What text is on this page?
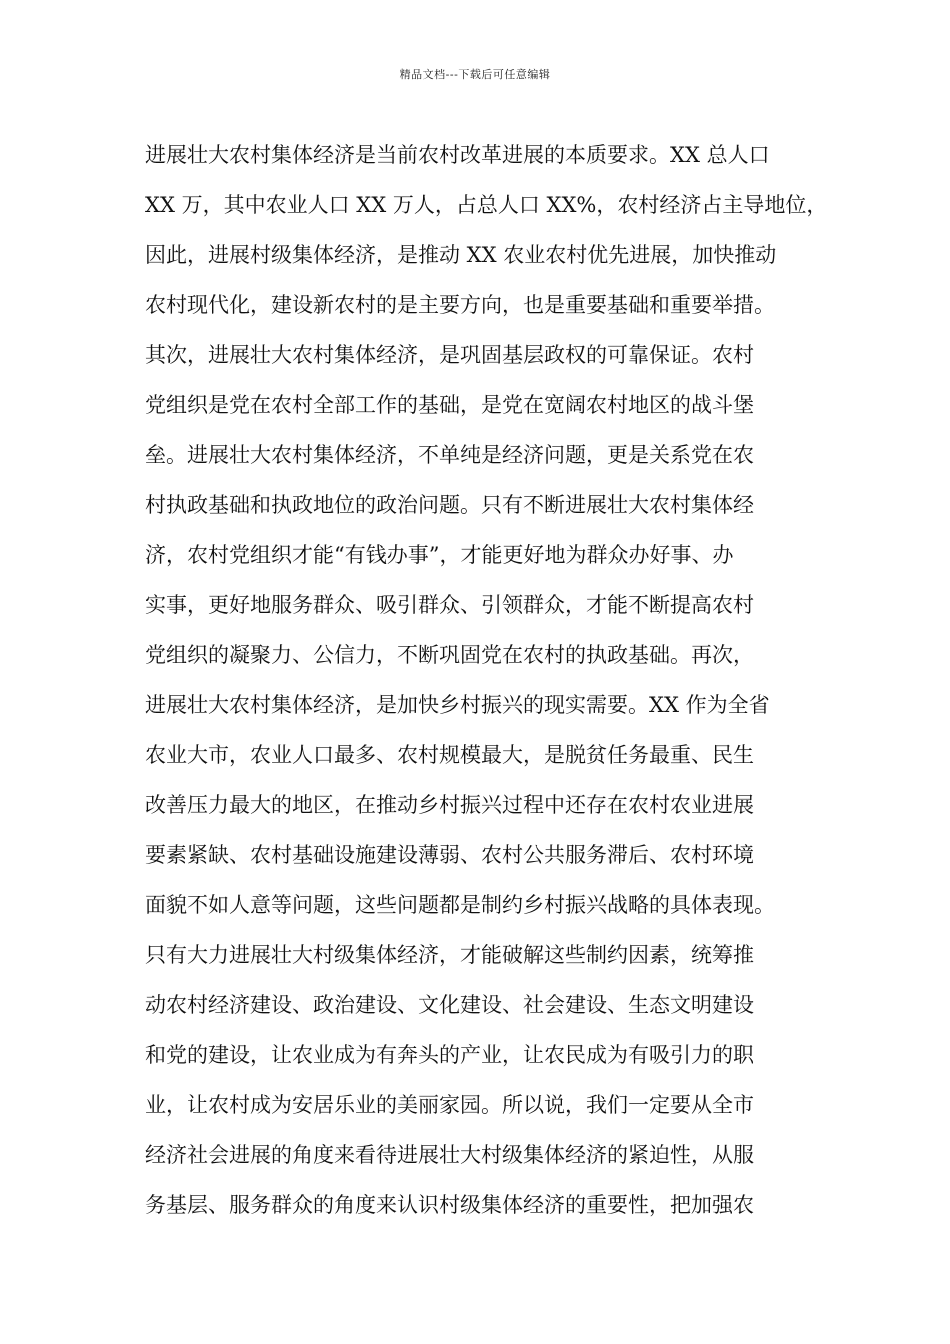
精品文档---下载后可任意编辑
进展壮大农村集体经济是当前农村改革进展的本质要求。XX 总人口
XX 万，其中农业人口 XX 万人，占总人口 XX%，农村经济占主导地位，
因此，进展村级集体经济，是推动 XX 农业农村优先进展，加快推动
农村现代化，建设新农村的是主要方向，也是重要基础和重要举措。
其次，进展壮大农村集体经济，是巩固基层政权的可靠保证。农村
党组织是党在农村全部工作的基础，是党在宽阔农村地区的战斗堡
垒。进展壮大农村集体经济，不单纯是经济问题，更是关系党在农
村执政基础和执政地位的政治问题。只有不断进展壮大农村集体经
济，农村党组织才能“有钱办事”，才能更好地为群众办好事、办
实事，更好地服务群众、吸引群众、引领群众，才能不断提高农村
党组织的凝聚力、公信力，不断巩固党在农村的执政基础。再次，
进展壮大农村集体经济，是加快乡村振兴的现实需要。XX 作为全省
农业大市，农业人口最多、农村规模最大，是脱贫任务最重、民生
改善压力最大的地区，在推动乡村振兴过程中还存在农村农业进展
要素紧缺、农村基础设施建设薄弱、农村公共服务滞后、农村环境
面貌不如人意等问题，这些问题都是制约乡村振兴战略的具体表现。
只有大力进展壮大村级集体经济，才能破解这些制约因素，统筹推
动农村经济建设、政治建设、文化建设、社会建设、生态文明建设
和党的建设，让农业成为有奔头的产业，让农民成为有吸引力的职
业，让农村成为安居乐业的美丽家园。所以说，我们一定要从全市
经济社会进展的角度来看待进展壮大村级集体经济的紧迫性，从服
务基层、服务群众的角度来认识村级集体经济的重要性，把加强农
